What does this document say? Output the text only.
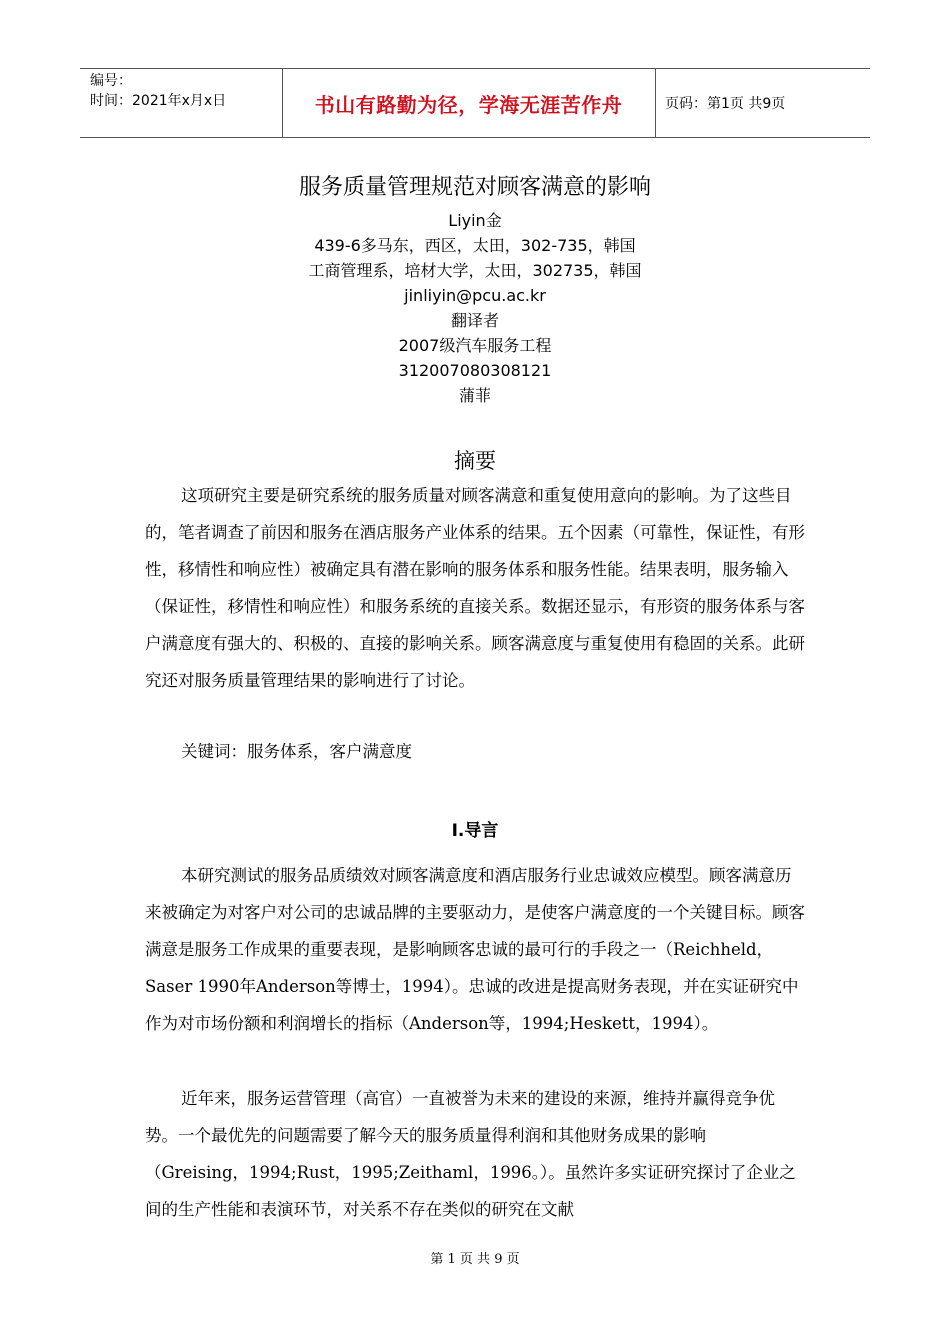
编号：
时间：2021年x月x日	书山有路勤为径，学海无涯苦作舟	页码：第1页 共9页
服务质量管理规范对顾客满意的影响
Liyin金
439-6多马东，西区，太田，302-735，韩国
工商管理系，培材大学，太田，302735，韩国
jinliyin@pcu.ac.kr
翻译者
2007级汽车服务工程
312007080308121
蒲菲
摘要
这项研究主要是研究系统的服务质量对顾客满意和重复使用意向的影响。为了这些目的，笔者调查了前因和服务在酒店服务产业体系的结果。五个因素（可靠性，保证性，有形性，移情性和响应性）被确定具有潜在影响的服务体系和服务性能。结果表明，服务输入（保证性，移情性和响应性）和服务系统的直接关系。数据还显示，有形资的服务体系与客户满意度有强大的、积极的、直接的影响关系。顾客满意度与重复使用有稳固的关系。此研究还对服务质量管理结果的影响进行了讨论。
关键词：服务体系，客户满意度
Ⅰ.导言
本研究测试的服务品质绩效对顾客满意度和酒店服务行业忠诚效应模型。顾客满意历来被确定为对客户对公司的忠诚品牌的主要驱动力，是使客户满意度的一个关键目标。顾客满意是服务工作成果的重要表现，是影响顾客忠诚的最可行的手段之一（Reichheld，Saser 1990年Anderson等博士，1994）。忠诚的改进是提高财务表现，并在实证研究中作为对市场份额和利润增长的指标（Anderson等，1994;Heskett，1994）。
近年来，服务运营管理（高官）一直被誉为未来的建设的来源，维持并赢得竞争优势。一个最优先的问题需要了解今天的服务质量得利润和其他财务成果的影响（Greising，1994;Rust，1995;Zeithaml，1996。）。虽然许多实证研究探讨了企业之间的生产性能和表演环节，对关系不存在类似的研究在文献
第 1 页 共 9 页
